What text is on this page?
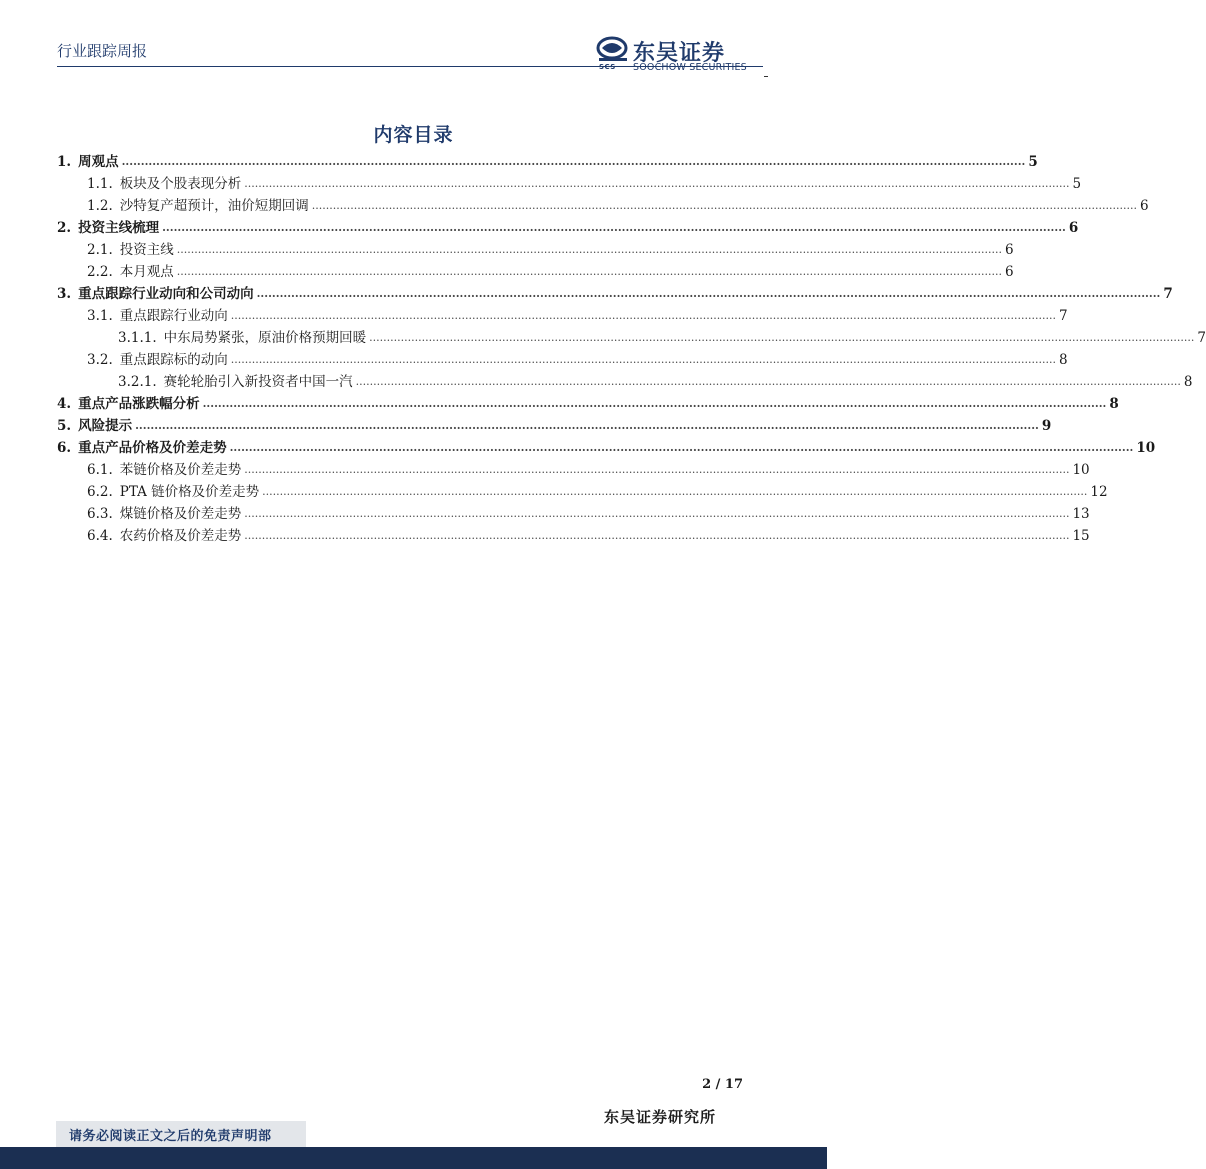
行业跟踪周报
SCS
东吴证券
SOOCHOW SECURITIES
内容目录
1. 周观点 ............................................................................................................................................................................................................................................ 5
1.1. 板块及个股表现分析 ............................................................................................................................................................................................................................................ 5
1.2. 沙特复产超预计，油价短期回调 ............................................................................................................................................................................................................................................ 6
2. 投资主线梳理 ............................................................................................................................................................................................................................................ 6
2.1. 投资主线 ............................................................................................................................................................................................................................................ 6
2.2. 本月观点 ............................................................................................................................................................................................................................................ 6
3. 重点跟踪行业动向和公司动向 ............................................................................................................................................................................................................................................ 7
3.1. 重点跟踪行业动向 ............................................................................................................................................................................................................................................ 7
3.1.1. 中东局势紧张，原油价格预期回暖 ............................................................................................................................................................................................................................................ 7
3.2. 重点跟踪标的动向 ............................................................................................................................................................................................................................................ 8
3.2.1. 赛轮轮胎引入新投资者中国一汽 ............................................................................................................................................................................................................................................ 8
4. 重点产品涨跌幅分析 ............................................................................................................................................................................................................................................ 8
5. 风险提示 ............................................................................................................................................................................................................................................ 9
6. 重点产品价格及价差走势 ............................................................................................................................................................................................................................................ 10
6.1. 苯链价格及价差走势 ............................................................................................................................................................................................................................................ 10
6.2. PTA 链价格及价差走势 ............................................................................................................................................................................................................................................ 12
6.3. 煤链价格及价差走势 ............................................................................................................................................................................................................................................ 13
6.4. 农药价格及价差走势 ............................................................................................................................................................................................................................................ 15
2 / 17
东吴证券研究所
请务必阅读正文之后的免责声明部
